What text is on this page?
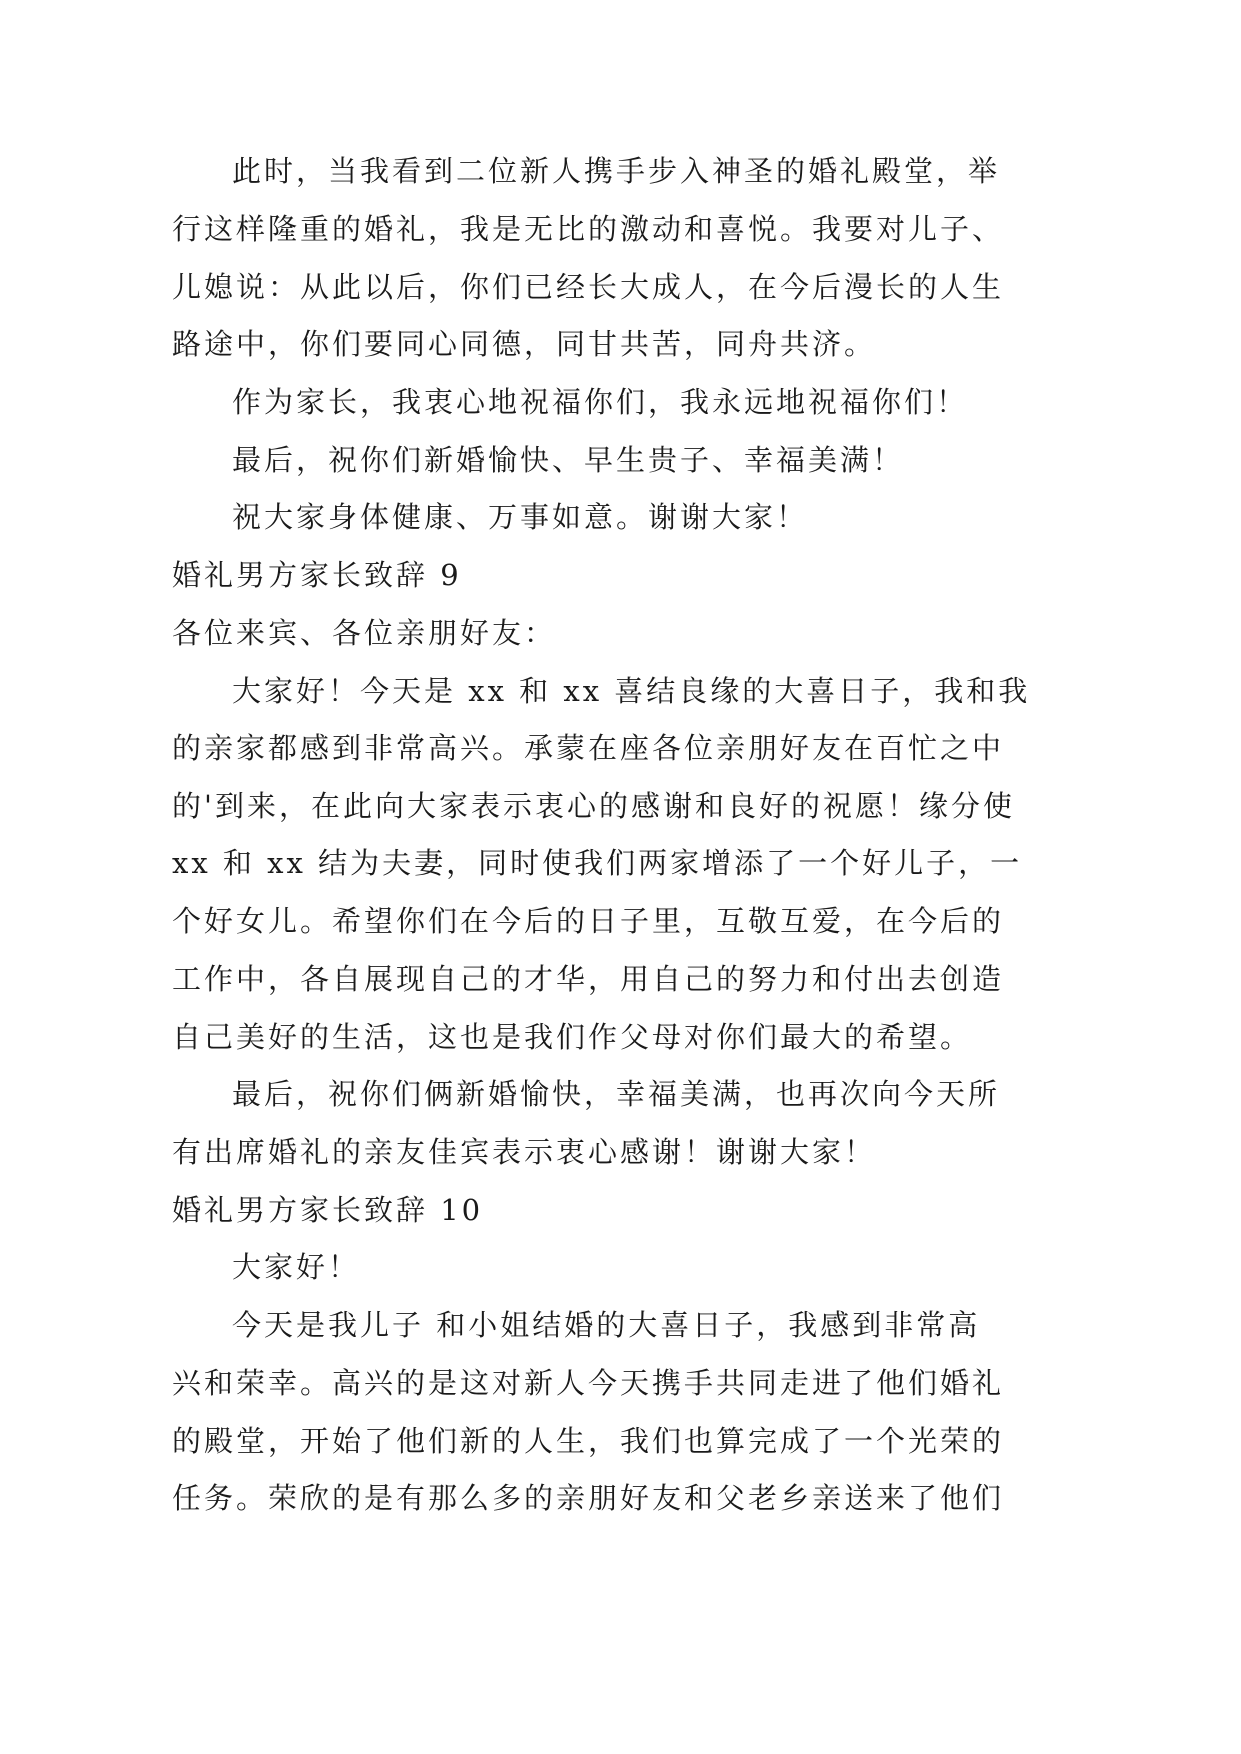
此时，当我看到二位新人携手步入神圣的婚礼殿堂，举
行这样隆重的婚礼，我是无比的激动和喜悦。我要对儿子、
儿媳说：从此以后，你们已经长大成人，在今后漫长的人生
路途中，你们要同心同德，同甘共苦，同舟共济。
作为家长，我衷心地祝福你们，我永远地祝福你们！
最后，祝你们新婚愉快、早生贵子、幸福美满！
祝大家身体健康、万事如意。谢谢大家！
婚礼男方家长致辞 9
各位来宾、各位亲朋好友：
大家好！今天是 xx 和 xx 喜结良缘的大喜日子，我和我
的亲家都感到非常高兴。承蒙在座各位亲朋好友在百忙之中
的'到来，在此向大家表示衷心的感谢和良好的祝愿！缘分使
xx 和 xx 结为夫妻，同时使我们两家增添了一个好儿子，一
个好女儿。希望你们在今后的日子里，互敬互爱，在今后的
工作中，各自展现自己的才华，用自己的努力和付出去创造
自己美好的生活，这也是我们作父母对你们最大的希望。
最后，祝你们俩新婚愉快，幸福美满，也再次向今天所
有出席婚礼的亲友佳宾表示衷心感谢！谢谢大家！
婚礼男方家长致辞 10
大家好！
今天是我儿子 和小姐结婚的大喜日子，我感到非常高
兴和荣幸。高兴的是这对新人今天携手共同走进了他们婚礼
的殿堂，开始了他们新的人生，我们也算完成了一个光荣的
任务。荣欣的是有那么多的亲朋好友和父老乡亲送来了他们
